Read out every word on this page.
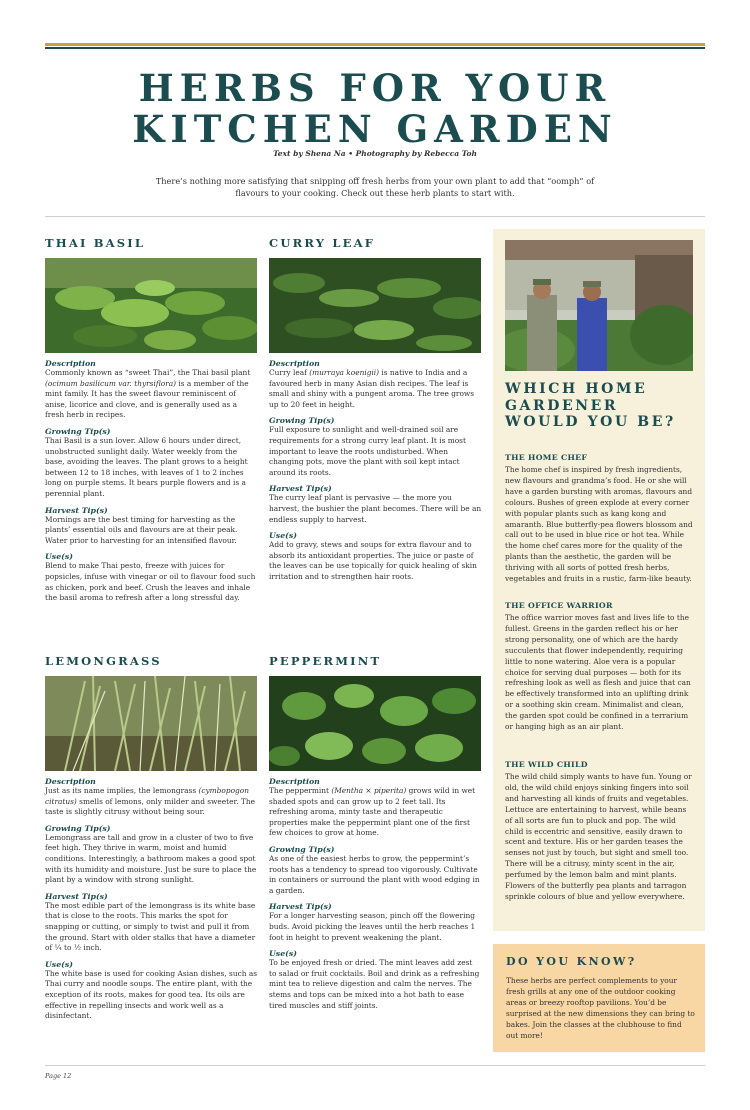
HERBS FOR YOUR
KITCHEN GARDEN
Text by Shena Na • Photography by Rebecca Toh

There’s nothing more satisfying that snipping off fresh herbs from your own plant to add that “oomph” of flavours to your cooking. Check out these herb plants to start with.

THAI BASIL
Description

Commonly known as “sweet Thai”, the Thai basil plant (ocimum basilicum var. thyrsiflora) is a member of the mint family. It has the sweet flavour reminiscent of anise, licorice and clove, and is generally used as a fresh herb in recipes.

Growing Tip(s)

Thai Basil is a sun lover. Allow 6 hours under direct, unobstructed sunlight daily. Water weekly from the base, avoiding the leaves. The plant grows to a height between 12 to 18 inches, with leaves of 1 to 2 inches long on purple stems. It bears purple flowers and is a perennial plant.

Harvest Tip(s)

Mornings are the best timing for harvesting as the plants’ essential oils and flavours are at their peak. Water prior to harvesting for an intensified flavour.

Use(s)

Blend to make Thai pesto, freeze with juices for popsicles, infuse with vinegar or oil to flavour food such as chicken, pork and beef. Crush the leaves and inhale the basil aroma to refresh after a long stressful day.

CURRY LEAF
Description

Curry leaf (murraya koenigii) is native to India and a favoured herb in many Asian dish recipes. The leaf is small and shiny with a pungent aroma. The tree grows up to 20 feet in height.

Growing Tip(s)

Full exposure to sunlight and well-drained soil are requirements for a strong curry leaf plant. It is most important to leave the roots undisturbed. When changing pots, move the plant with soil kept intact around its roots.

Harvest Tip(s)

The curry leaf plant is pervasive — the more you harvest, the bushier the plant becomes. There will be an endless supply to harvest.

Use(s)

Add to gravy, stews and soups for extra flavour and to absorb its antioxidant properties. The juice or paste of the leaves can be use topically for quick healing of skin irritation and to strengthen hair roots.

LEMONGRASS
Description

Just as its name implies, the lemongrass (cymbopogon citratus) smells of lemons, only milder and sweeter. The taste is slightly citrusy without being sour.

Growing Tip(s)

Lemongrass are tall and grow in a cluster of two to five feet high. They thrive in warm, moist and humid conditions. Interestingly, a bathroom makes a good spot with its humidity and moisture. Just be sure to place the plant by a window with strong sunlight.

Harvest Tip(s)

The most edible part of the lemongrass is its white base that is close to the roots. This marks the spot for snapping or cutting, or simply to twist and pull it from the ground. Start with older stalks that have a diameter of ¼ to ½ inch.

Use(s)

The white base is used for cooking Asian dishes, such as Thai curry and noodle soups. The entire plant, with the exception of its roots, makes for good tea. Its oils are effective in repelling insects and work well as a disinfectant.

PEPPERMINT
Description

The peppermint (Mentha × piperita) grows wild in wet shaded spots and can grow up to 2 feet tall. Its refreshing aroma, minty taste and therapeutic properties make the peppermint plant one of the first few choices to grow at home.

Growing Tip(s)

As one of the easiest herbs to grow, the peppermint’s roots has a tendency to spread too vigorously. Cultivate in containers or surround the plant with wood edging in a garden.

Harvest Tip(s)

For a longer harvesting season, pinch off the flowering buds. Avoid picking the leaves until the herb reaches 1 foot in height to prevent weakening the plant.

Use(s)

To be enjoyed fresh or dried. The mint leaves add zest to salad or fruit cocktails. Boil and drink as a refreshing mint tea to relieve digestion and calm the nerves. The stems and tops can be mixed into a hot bath to ease tired muscles and stiff joints.

WHICH HOME GARDENER WOULD YOU BE?
THE HOME CHEF

The home chef is inspired by fresh ingredients, new flavours and grandma’s food. He or she will have a garden bursting with aromas, flavours and colours. Bushes of green explode at every corner with popular plants such as kang kong and amaranth. Blue butterfly-pea flowers blossom and call out to be used in blue rice or hot tea. While the home chef cares more for the quality of the plants than the aesthetic, the garden will be thriving with all sorts of potted fresh herbs, vegetables and fruits in a rustic, farm-like beauty.

THE OFFICE WARRIOR

The office warrior moves fast and lives life to the fullest. Greens in the garden reflect his or her strong personality, one of which are the hardy succulents that flower independently, requiring little to none watering. Aloe vera is a popular choice for serving dual purposes — both for its refreshing look as well as flesh and juice that can be effectively transformed into an uplifting drink or a soothing skin cream. Minimalist and clean, the garden spot could be confined in a terrarium or hanging high as an air plant.

THE WILD CHILD

The wild child simply wants to have fun. Young or old, the wild child enjoys sinking fingers into soil and harvesting all kinds of fruits and vegetables. Lettuce are entertaining to harvest, while beans of all sorts are fun to pluck and pop. The wild child is eccentric and sensitive, easily drawn to scent and texture. His or her garden teases the senses not just by touch, but sight and smell too. There will be a citrusy, minty scent in the air, perfumed by the lemon balm and mint plants. Flowers of the butterfly pea plants and tarragon sprinkle colours of blue and yellow everywhere.

DO YOU KNOW?

These herbs are perfect complements to your fresh grills at any one of the outdoor cooking areas or breezy rooftop pavilions. You’d be surprised at the new dimensions they can bring to bakes. Join the classes at the clubhouse to find out more!

Page 12
